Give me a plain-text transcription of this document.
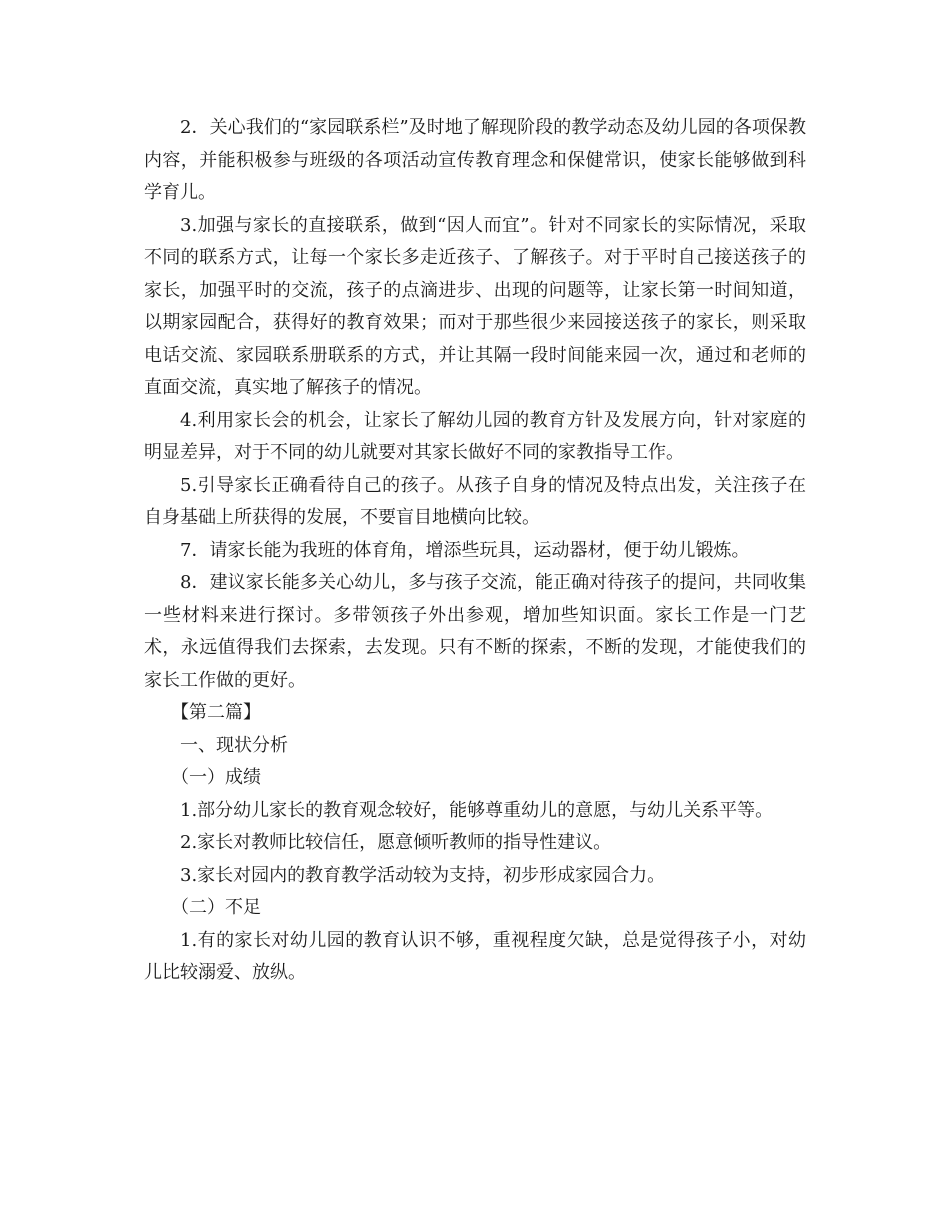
2．关心我们的“家园联系栏”及时地了解现阶段的教学动态及幼儿园的各项保教内容，并能积极参与班级的各项活动宣传教育理念和保健常识，使家长能够做到科学育儿。

3.加强与家长的直接联系，做到“因人而宜”。针对不同家长的实际情况，采取不同的联系方式，让每一个家长多走近孩子、了解孩子。对于平时自己接送孩子的家长，加强平时的交流，孩子的点滴进步、出现的问题等，让家长第一时间知道，以期家园配合，获得好的教育效果；而对于那些很少来园接送孩子的家长，则采取电话交流、家园联系册联系的方式，并让其隔一段时间能来园一次，通过和老师的直面交流，真实地了解孩子的情况。

4.利用家长会的机会，让家长了解幼儿园的教育方针及发展方向，针对家庭的明显差异，对于不同的幼儿就要对其家长做好不同的家教指导工作。

5.引导家长正确看待自己的孩子。从孩子自身的情况及特点出发，关注孩子在自身基础上所获得的发展，不要盲目地横向比较。

7．请家长能为我班的体育角，增添些玩具，运动器材，便于幼儿锻炼。

8．建议家长能多关心幼儿，多与孩子交流，能正确对待孩子的提问，共同收集一些材料来进行探讨。多带领孩子外出参观，增加些知识面。家长工作是一门艺术，永远值得我们去探索，去发现。只有不断的探索，不断的发现，才能使我们的家长工作做的更好。

【第二篇】

一、现状分析

（一）成绩

1.部分幼儿家长的教育观念较好，能够尊重幼儿的意愿，与幼儿关系平等。

2.家长对教师比较信任，愿意倾听教师的指导性建议。

3.家长对园内的教育教学活动较为支持，初步形成家园合力。

（二）不足

1.有的家长对幼儿园的教育认识不够，重视程度欠缺，总是觉得孩子小，对幼儿比较溺爱、放纵。
